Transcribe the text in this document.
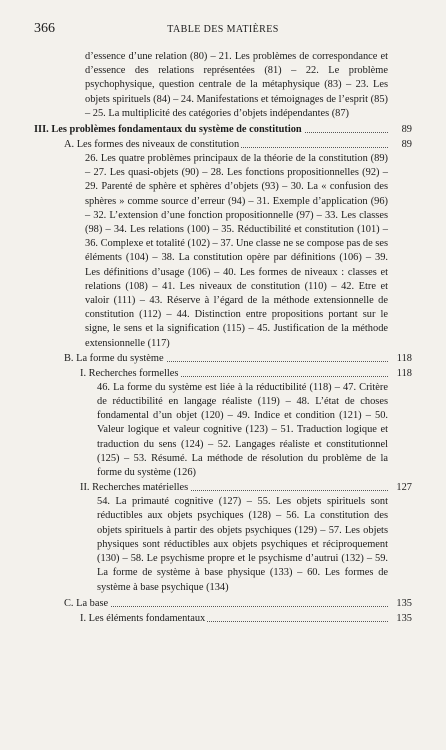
366	TABLE DES MATIÈRES

d’essence d’une relation (80) – 21. Les problèmes de correspondance et d’essence des relations représentées (81) – 22. Le problème psychophysique, question centrale de la métaphysique (83) – 23. Les objets spirituels (84) – 24. Manifestations et témoignages de l’esprit (85) – 25. La multiplicité des catégories d’objets indépendantes (87)

III. Les problèmes fondamentaux du système de constitution	89
A. Les formes des niveaux de constitution	89

26. Les quatre problèmes principaux de la théorie de la constitution (89) – 27. Les quasi-objets (90) – 28. Les fonctions propositionnelles (92) – 29. Parenté de sphère et sphères d’objets (93) – 30. La « confusion des sphères » comme source d’erreur (94) – 31. Exemple d’application (96) – 32. L’extension d’une fonction propositionnelle (97) – 33. Les classes (98) – 34. Les relations (100) – 35. Réductibilité et constitution (101) – 36. Complexe et totalité (102) – 37. Une classe ne se compose pas de ses éléments (104) – 38. La constitution opère par définitions (106) – 39. Les définitions d’usage (106) – 40. Les formes de niveaux : classes et relations (108) – 41. Les niveaux de constitution (110) – 42. Etre et valoir (111) – 43. Réserve à l’égard de la méthode extensionnelle de constitution (112) – 44. Distinction entre propositions portant sur le signe, le sens et la signification (115) – 45. Justification de la méthode extensionnelle (117)

B. La forme du système	118
I. Recherches formelles	118

46. La forme du système est liée à la réductibilité (118) – 47. Critère de réductibilité en langage réaliste (119) – 48. L’état de choses fondamental d’un objet (120) – 49. Indice et condition (121) – 50. Valeur logique et valeur cognitive (123) – 51. Traduction logique et traduction du sens (124) – 52. Langages réaliste et constitutionnel (125) – 53. Résumé. La méthode de résolution du problème de la forme du système (126)

II. Recherches matérielles	127

54. La primauté cognitive (127) – 55. Les objets spirituels sont réductibles aux objets psychiques (128) – 56. La constitution des objets spirituels à partir des objets psychiques (129) – 57. Les objets physiques sont réductibles aux objets psychiques et réciproquement (130) – 58. Le psychisme propre et le psychisme d’autrui (132) – 59. La forme de système à base physique (133) – 60. Les formes de système à base psychique (134)

C. La base	135
I. Les éléments fondamentaux	135
